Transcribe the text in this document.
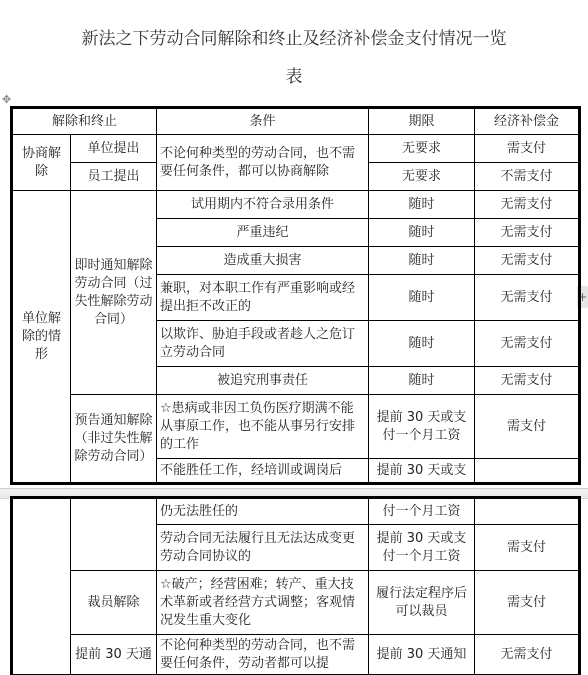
新法之下劳动合同解除和终止及经济补偿金支付情况一览
表
✥
+
解除和终止		条件	期限	经济补偿金
协商解除	单位提出	不论何种类型的劳动合同，也不需要任何条件，都可以协商解除	无要求	需支付
	员工提出		无要求	不需支付
单位解除的情形	即时通知解除劳动合同（过失性解除劳动合同）	试用期内不符合录用条件	随时	无需支付
		严重违纪	随时	无需支付
		造成重大损害	随时	无需支付
		兼职，对本职工作有严重影响或经提出拒不改正的	随时	无需支付
		以欺诈、胁迫手段或者趁人之危订立劳动合同	随时	无需支付
		被追究刑事责任	随时	无需支付
	预告通知解除（非过失性解除劳动合同）	☆患病或非因工负伤医疗期满不能从事原工作，也不能从事另行安排的工作	提前 30 天或支付一个月工资	需支付
		不能胜任工作，经培训或调岗后	提前 30 天或支	
		仍无法胜任的	付一个月工资	
		劳动合同无法履行且无法达成变更劳动合同协议的	提前 30 天或支付一个月工资	需支付
	裁员解除	☆破产；经营困难；转产、重大技术革新或者经营方式调整；客观情况发生重大变化	履行法定程序后可以裁员	需支付
	提前 30 天通	不论何种类型的劳动合同，也不需要任何条件，劳动者都可以提	提前 30 天通知	无需支付
